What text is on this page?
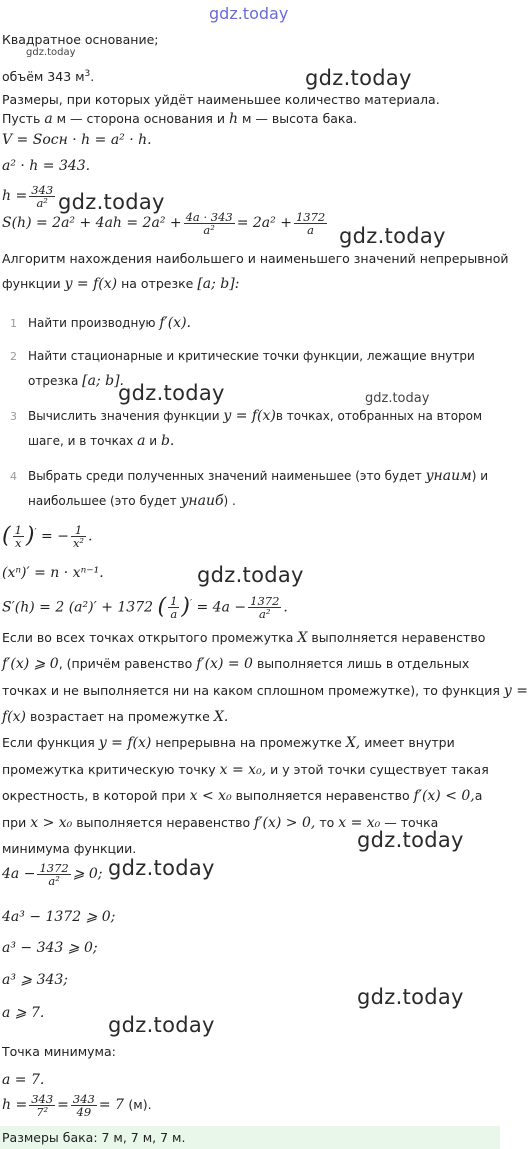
gdz.today
gdz.today
gdz.today
gdz.today
gdz.today
gdz.today	gdz.today
gdz.today
gdz.today
gdz.today
gdz.today
gdz.today
Квадратное основание;
объём 343 $м^3$.
Размеры, при которых уйдёт наименьшее количество материала.
Пусть a м — сторона основания и h м — высота бака.
V = Sосн · h = a² · h.
a² · h = 343.
$h = \frac{343}{\text{a²}}$
$S(h) = 2a^2 + 4ah = 2a^2 + \frac{4a \cdot 343}{\text{a²}} = 2a^2 + \frac{1372}{a}$
Алгоритм нахождения наибольшего и наименьшего значений непрерывной
функции y = f(x) на отрезке [a; b]:
1 Найти производную f′(x).
2 Найти стационарные и критические точки функции, лежащие внутри
отрезка [a; b].
3 Вычислить значения функции y = f(x)в точках, отобранных на втором
шаге, и в точках a и b.
4 Выбрать среди полученных значений наименьшее (это будет yнаим) и
наибольшее (это будет yнаиб) .
( $\frac{1}{x} )'$ = − $\frac{1}{\text{x²}}$ .
(xⁿ)′ = n · xⁿ⁻¹.
S′(h) = 2 (a²)′ + 1372 ( $\frac{1}{a} )' = 4a - \frac{1372}{\text{a²}}$ .
Если во всех точках открытого промежутка X выполняется неравенство
f′(x) ⩾ 0, (причём равенство f′(x) = 0 выполняется лишь в отдельных
точках и не выполняется ни на каком сплошном промежутке), то функция y =
f(x) возрастает на промежутке X.
Если функция y = f(x) непрерывна на промежутке X, имеет внутри
промежутка критическую точку x = x₀, и у этой точки существует такая
окрестность, в которой при x < x₀ выполняется неравенство f′(x) < 0,а
при x > x₀ выполняется неравенство f′(x) > 0, то x = x₀ — точка
минимума функции.
$4a - \frac{1372}{\text{a²}}$ ⩾ 0;
4a³ − 1372 ⩾ 0;
a³ − 343 ⩾ 0;
a³ ⩾ 343;
a ⩾ 7.
Точка минимума:
a = 7.
$h = \frac{343}{\text{7²}} = \frac{343}{49} = 7$ (м).
Размеры бака: 7 м, 7 м, 7 м.
